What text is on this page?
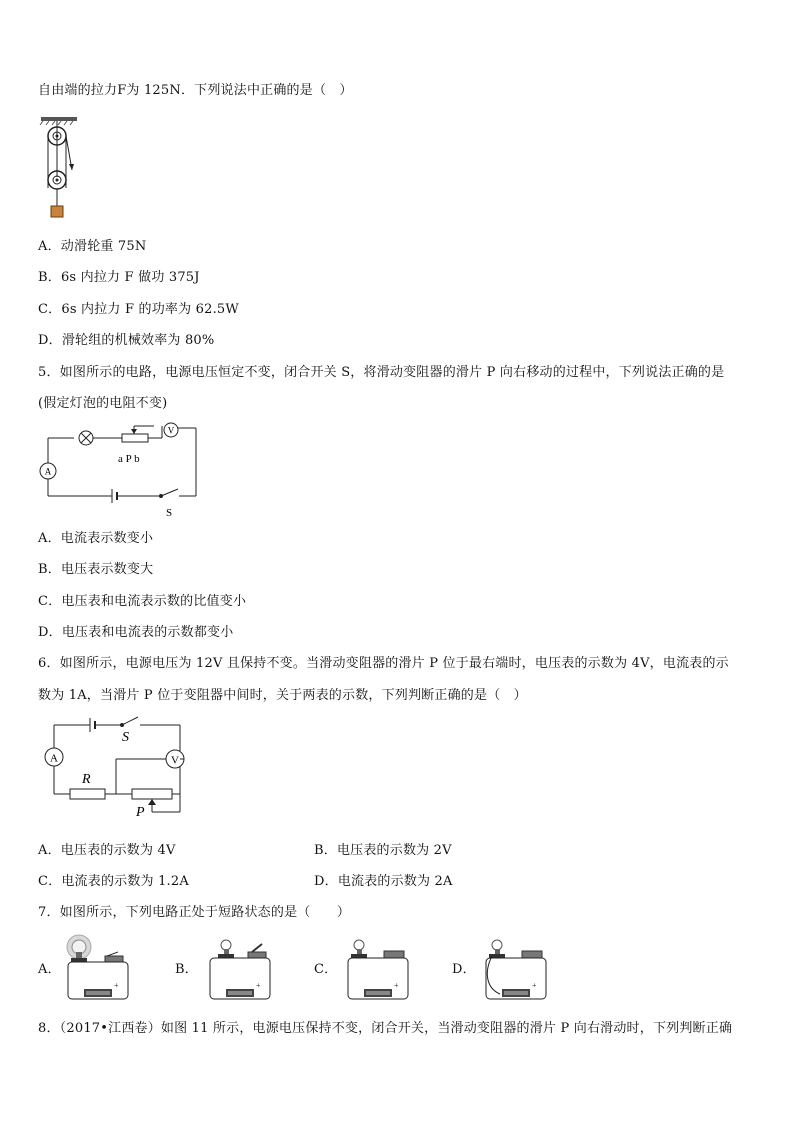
自由端的拉力F为 125N．下列说法中正确的是（　）
A．动滑轮重 75N
B．6s 内拉力 F 做功 375J
C．6s 内拉力 F 的功率为 62.5W
D．滑轮组的机械效率为 80%
5．如图所示的电路，电源电压恒定不变，闭合开关 S，将滑动变阻器的滑片 P 向右移动的过程中，下列说法正确的是
(假定灯泡的电阻不变)
V
A
a P b
S
A．电流表示数变小
B．电压表示数变大
C．电压表和电流表示数的比值变小
D．电压表和电流表的示数都变小
6．如图所示，电源电压为 12V 且保持不变。当滑动变阻器的滑片 P 位于最右端时，电压表的示数为 4V，电流表的示
数为 1A，当滑片 P 位于变阻器中间时，关于两表的示数，下列判断正确的是（　）
S
A
R
V
P
A．电压表的示数为 4V	B．电压表的示数为 2V
C．电流表的示数为 1.2A	D．电流表的示数为 2A
7．如图所示，下列电路正处于短路状态的是（　　）
A．	B．	C．	D．
+	+	+	+
8．（2017•江西卷）如图 11 所示，电源电压保持不变，闭合开关，当滑动变阻器的滑片 P 向右滑动时，下列判断正确
